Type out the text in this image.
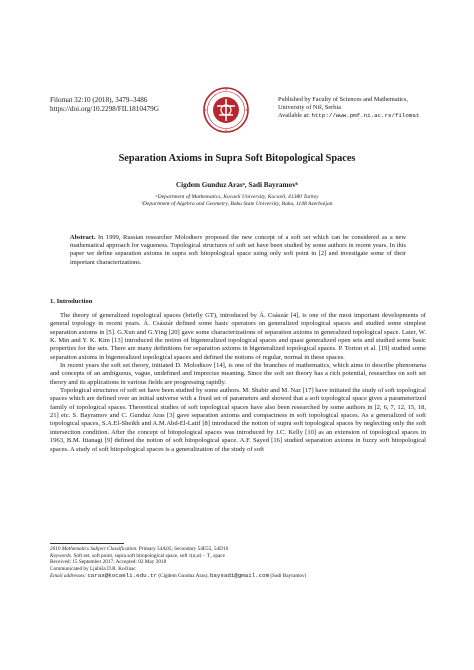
Filomat 32:10 (2018), 3479–3486
https://doi.org/10.2298/FIL1810479G
Published by Faculty of Sciences and Mathematics,
University of Niš, Serbia
Available at: http://www.pmf.ni.ac.rs/filomat
Separation Axioms in Supra Soft Bitopological Spaces
Cigdem Gunduz Arasᵃ, Sadi Bayramovᵇ
ᵃDepartment of Mathematics, Kocaeli University, Kocaeli, 41380 Turkey
ᵇDepartment of Algebra and Geometry, Baku State University, Baku, 1148 Azerbaijan
Abstract. In 1999, Russian researcher Molodtsov proposed the new concept of a soft set which can be considered as a new mathematical approach for vagueness. Topological structures of soft set have been studied by some authors in recent years. In this paper we define separation axioms in supra soft bitopological space using only soft point in [2] and investigate some of their important characterizations.
1. Introduction

The theory of generalized topological spaces (briefly GT), introduced by Á. Császár [4], is one of the most important developments of general topology in recent years. Á. Császár defined some basic operators on generalized topological spaces and studied some simplest separation axioms in [5]. G.Xun and G.Ying [20] gave some characterizations of separation axioms in generalized topological space. Later, W. K. Min and Y. K. Kim [13] introduced the notion of bigeneralized topological spaces and quasi generalized open sets and studied some basic properties for the sets. There are many definitions for separation axioms in bigeneralized topological spaces. P. Torton et al. [19] studied some separation axioms in bigeneralized topological spaces and defined the notions of regular, normal in these spaces.

In recent years the soft set theory, initiated D. Molodtsov [14], is one of the branches of mathematics, which aims to describe phenomena and concepts of an ambiguous, vague, undefined and imprecise meaning. Since the soft set theory has a rich potential, researches on soft set theory and its applications in various fields are progressing rapidly.

Topological structures of soft set have been studied by some authors. M. Shabir and M. Naz [17] have initiated the study of soft topological spaces which are defined over an initial universe with a fixed set of parameters and showed that a soft topological space gives a parameterized family of topological spaces. Theoretical studies of soft topological spaces have also been researched by some authors in [2, 6, 7, 12, 15, 18, 21] etc. S. Bayramov and C. Gunduz Aras [3] gave separation axioms and compactness in soft topological spaces. As a generalized of soft topological spaces, S.A.El-Sheikh and A.M.Abd-El-Latif [8] introduced the notion of supra soft topological spaces by neglecting only the soft intersection condition. After the concept of bitopological spaces was introduced by J.C. Kelly [10] as an extension of topological spaces in 1963, B.M. Ittanagi [9] defined the notion of soft bitopological space. A.F. Sayed [16] studied separation axioms in fuzzy soft bitopological spaces. A study of soft bitopological spaces is a generalization of the study of soft

2010 Mathematics Subject Classification. Primary 54A05; Secondary 54E55, 54D10
Keywords. Soft set, soft point, supra soft bitopological space, soft τ(α,α) − T₁ space
Received: 15 September 2017; Accepted: 02 May 2018
Communicated by Ljubiša D.R. Kočinac
Email addresses: caras@kocaeli.edu.tr (Cigdem Gunduz Aras), baysadi@gmail.com (Sadi Bayramov)
